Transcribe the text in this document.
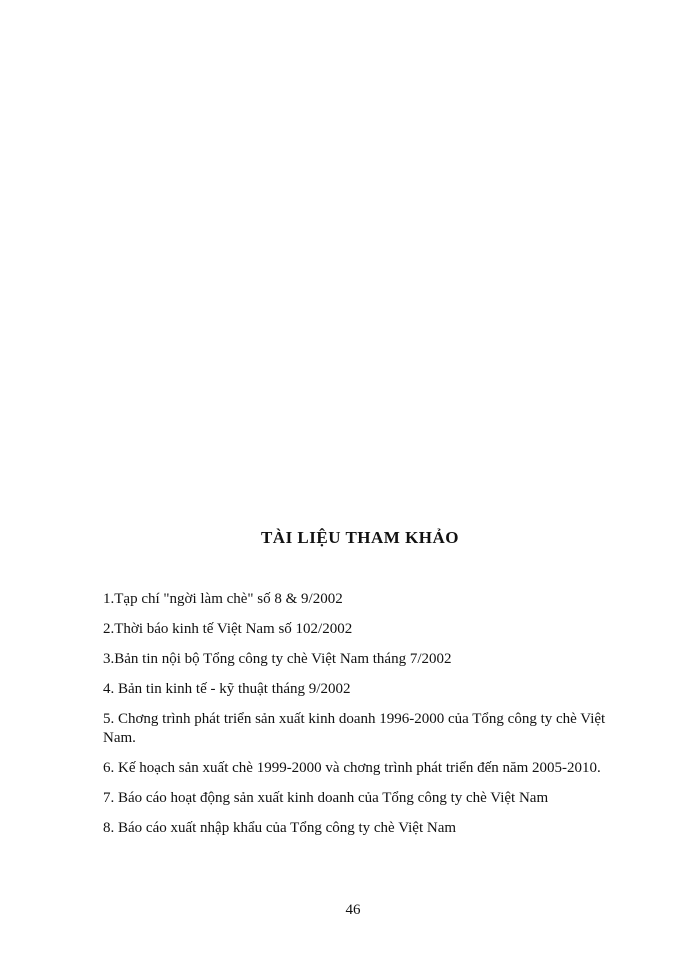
TÀI LIỆU THAM KHẢO
1.Tạp chí "ngời làm chè" số 8 & 9/2002
2.Thời báo kinh tế Việt Nam số 102/2002
3.Bản tin nội bộ Tổng công ty chè Việt Nam tháng 7/2002
4. Bản tin kinh tế - kỹ thuật tháng 9/2002
5. Chơng trình phát triển sản xuất kinh doanh 1996-2000 của Tổng công ty chè Việt Nam.
6. Kế hoạch sản xuất chè 1999-2000 và chơng trình phát triển đến năm 2005-2010.
7. Báo cáo hoạt động sản xuất kinh doanh của Tổng công ty chè Việt Nam
8. Báo cáo xuất nhập khẩu của Tổng công ty chè Việt Nam
46
